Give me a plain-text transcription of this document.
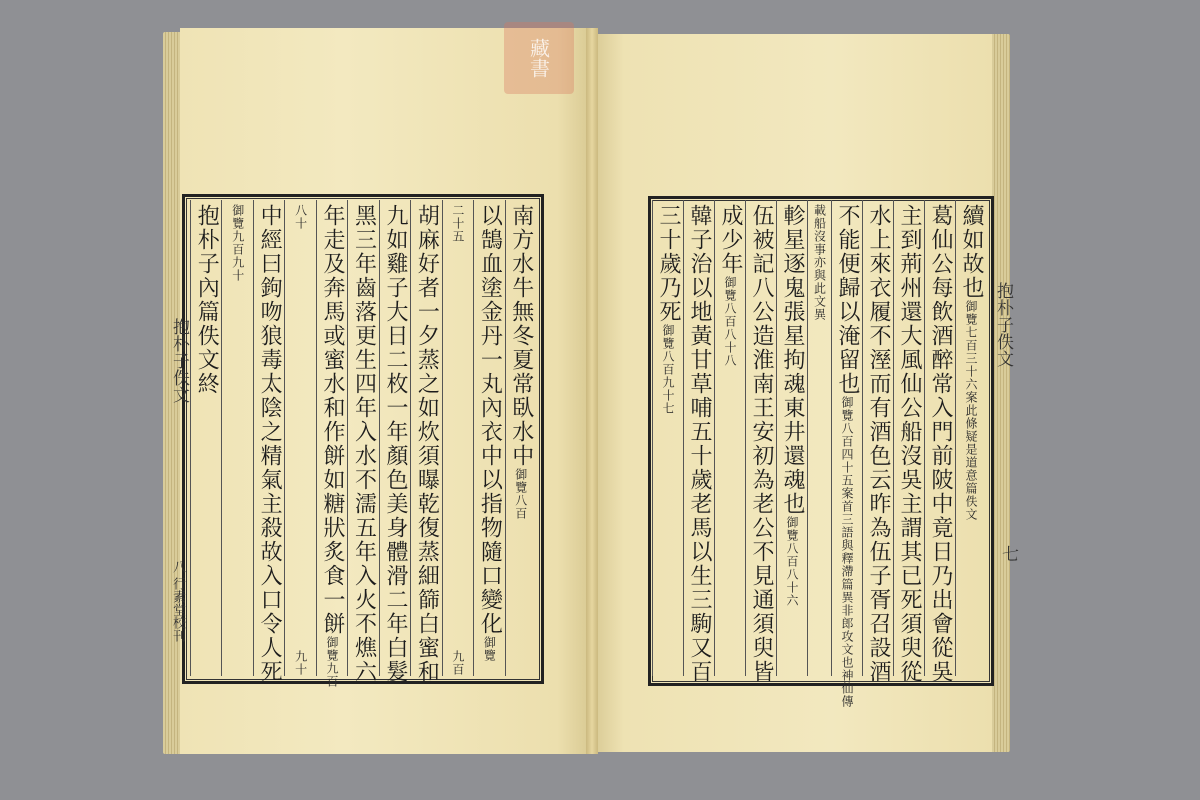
藏書
南方水牛無冬夏常臥水中
御覽八百
以鵠血塗金丹一丸內衣中以指物隨口變化
御覽
二十五
九百
胡麻好者一夕蒸之如炊須曝乾復蒸細篩白蜜和
九如雞子大日二枚一年顏色美身體滑二年白髮
黑三年齒落更生四年入水不濡五年入火不燋六
年走及奔馬或蜜水和作餅如糖狀炙食一餅
御覽九百
八十
九十
中經曰鉤吻狼毒太陰之精氣主殺故入口令人死
御覽九百九十
抱朴子內篇佚文終	續如故也
御覽七百三十六案此條疑是道意篇佚文
葛仙公每飲酒醉常入門前陂中竟日乃出會從吳
主到荊州還大風仙公船沒吳主謂其已死須臾從
水上來衣履不溼而有酒色云昨為伍子胥召設酒
不能便歸以淹留也
御覽八百四十五案首三語與釋滯篇異非郎攻文也神仙傳
載船沒事亦與此文異
軫星逐鬼張星拘魂東井還魂也
御覽八百八十六
伍被記八公造淮南王安初為老公不見通須臾皆
成少年
御覽八百八十八
韓子治以地黃甘草哺五十歲老馬以生三駒又百
三十歲乃死
御覽八百九十七
抱朴子佚文
八 行素堂校刊
抱朴子佚文
七
